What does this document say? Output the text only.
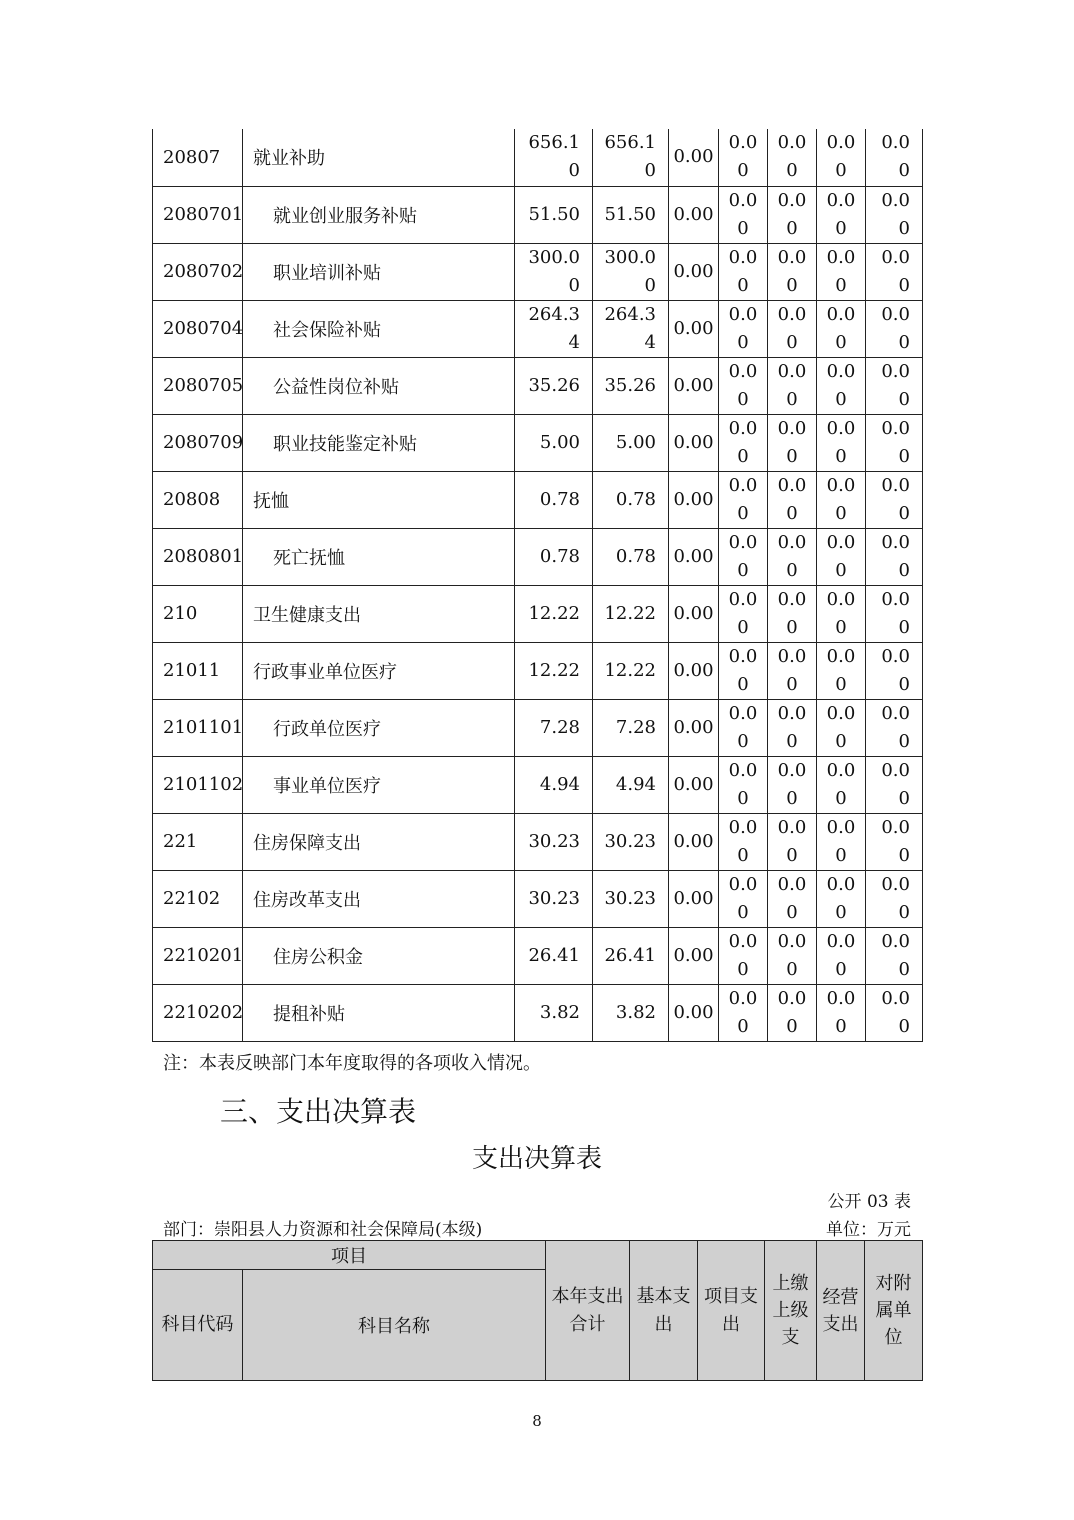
20807	就业补助	656.10	656.10	0.00	0.00	0.00	0.00	0.00
2080701	就业创业服务补贴	51.50	51.50	0.00	0.00	0.00	0.00	0.00
2080702	职业培训补贴	300.00	300.00	0.00	0.00	0.00	0.00	0.00
2080704	社会保险补贴	264.34	264.34	0.00	0.00	0.00	0.00	0.00
2080705	公益性岗位补贴	35.26	35.26	0.00	0.00	0.00	0.00	0.00
2080709	职业技能鉴定补贴	5.00	5.00	0.00	0.00	0.00	0.00	0.00
20808	抚恤	0.78	0.78	0.00	0.00	0.00	0.00	0.00
2080801	死亡抚恤	0.78	0.78	0.00	0.00	0.00	0.00	0.00
210	卫生健康支出	12.22	12.22	0.00	0.00	0.00	0.00	0.00
21011	行政事业单位医疗	12.22	12.22	0.00	0.00	0.00	0.00	0.00
2101101	行政单位医疗	7.28	7.28	0.00	0.00	0.00	0.00	0.00
2101102	事业单位医疗	4.94	4.94	0.00	0.00	0.00	0.00	0.00
221	住房保障支出	30.23	30.23	0.00	0.00	0.00	0.00	0.00
22102	住房改革支出	30.23	30.23	0.00	0.00	0.00	0.00	0.00
2210201	住房公积金	26.41	26.41	0.00	0.00	0.00	0.00	0.00
2210202	提租补贴	3.82	3.82	0.00	0.00	0.00	0.00	0.00
注：本表反映部门本年度取得的各项收入情况。
三、支出决算表
支出决算表
公开 03 表
部门：崇阳县人力资源和社会保障局(本级)	单位：万元
项目		本年支出合计	基本支出	项目支出	上缴上级支	经营支出	对附属单位
科目代码	科目名称						
8
